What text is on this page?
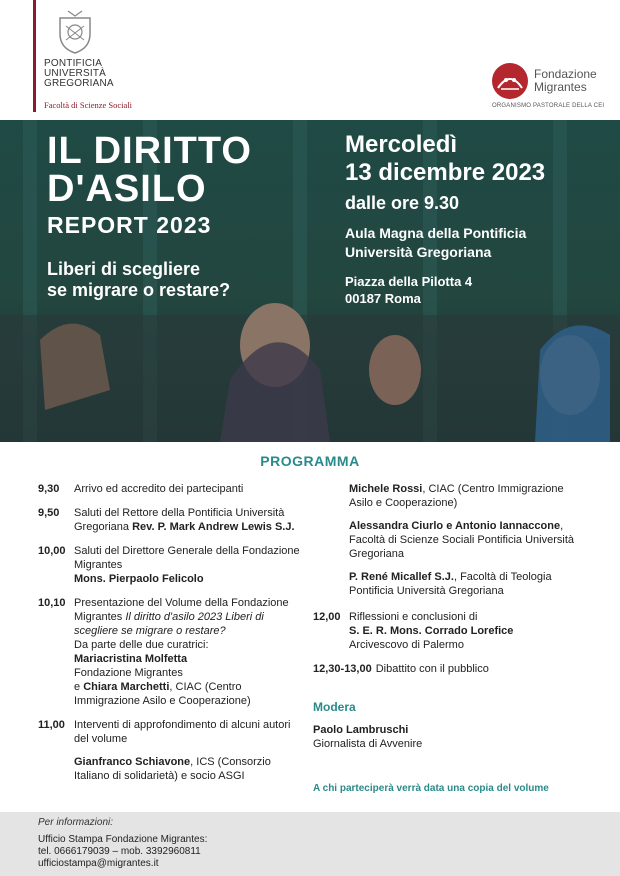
PONTIFICIA
UNIVERSITÀ
GREGORIANA
Facoltà di Scienze Sociali
Fondazione
Migrantes
ORGANISMO PASTORALE DELLA CEI
IL DIRITTO
D'ASILO
REPORT 2023
Liberi di scegliere
se migrare o restare?
Mercoledì
13 dicembre 2023
dalle ore 9.30
Aula Magna della Pontificia
Università Gregoriana
Piazza della Pilotta 4
00187 Roma
PROGRAMMA
9,30	Arrivo ed accredito dei partecipanti
9,50	Saluti del Rettore della Pontificia Università Gregoriana Rev. P. Mark Andrew Lewis S.J.
10,00 Saluti del Direttore Generale della Fondazione Migrantes
Mons. Pierpaolo Felicolo
10,10 Presentazione del Volume della Fondazione Migrantes Il diritto d'asilo 2023 Liberi di scegliere se migrare o restare?
Da parte delle due curatrici:
Mariacristina Molfetta
Fondazione Migrantes
e Chiara Marchetti, CIAC (Centro Immigrazione Asilo e Cooperazione)
11,00 Interventi di approfondimento di alcuni autori del volume
Gianfranco Schiavone, ICS (Consorzio Italiano di solidarietà) e socio ASGI
Michele Rossi, CIAC (Centro Immigrazione Asilo e Cooperazione)
Alessandra Ciurlo e Antonio Iannaccone, Facoltà di Scienze Sociali Pontificia Università Gregoriana
P. René Micallef S.J., Facoltà di Teologia Pontificia Università Gregoriana
12,00 Riflessioni e conclusioni di
S. E. R. Mons. Corrado Lorefice
Arcivescovo di Palermo
12,30-13,00 Dibattito con il pubblico
Modera
Paolo Lambruschi
Giornalista di Avvenire
A chi parteciperà verrà data una copia del volume
Per informazioni:
Ufficio Stampa Fondazione Migrantes:
tel. 0666179039 – mob. 3392960811
ufficiostampa@migrantes.it
